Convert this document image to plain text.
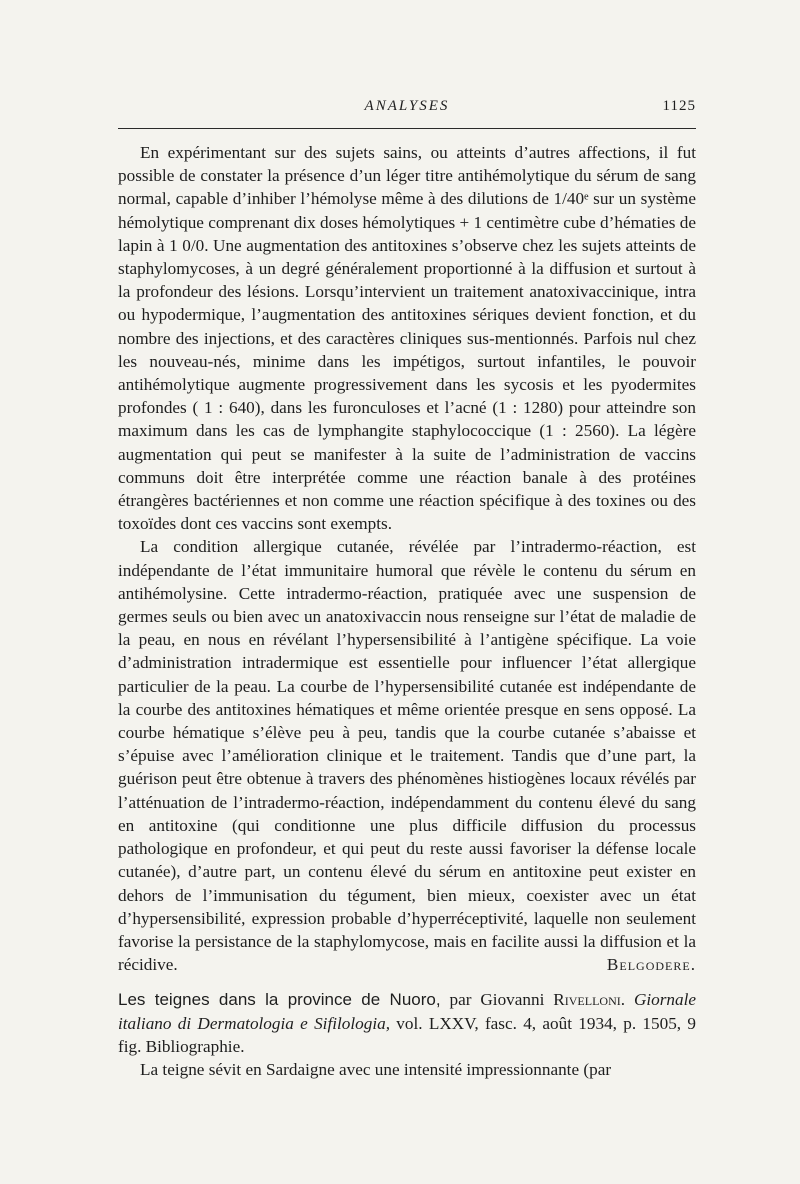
ANALYSES	1125

En expérimentant sur des sujets sains, ou atteints d’autres affections, il fut possible de constater la présence d’un léger titre antihémolytique du sérum de sang normal, capable d’inhiber l’hémolyse même à des dilutions de 1/40ᵉ sur un système hémolytique comprenant dix doses hémolytiques + 1 centimètre cube d’hématies de lapin à 1 0/0. Une augmentation des antitoxines s’observe chez les sujets atteints de staphylomycoses, à un degré généralement proportionné à la diffusion et surtout à la profondeur des lésions. Lorsqu’intervient un traitement anatoxivaccinique, intra ou hypodermique, l’augmentation des antitoxines sériques devient fonction, et du nombre des injections, et des caractères cliniques sus-mentionnés. Parfois nul chez les nouveau-nés, minime dans les impétigos, surtout infantiles, le pouvoir antihémolytique augmente progressivement dans les sycosis et les pyodermites profondes ( 1 : 640), dans les furonculoses et l’acné (1 : 1280) pour atteindre son maximum dans les cas de lymphangite staphylococcique (1 : 2560). La légère augmentation qui peut se manifester à la suite de l’administration de vaccins communs doit être interprétée comme une réaction banale à des protéines étrangères bactériennes et non comme une réaction spécifique à des toxines ou des toxoïdes dont ces vaccins sont exempts.

La condition allergique cutanée, révélée par l’intradermo-réaction, est indépendante de l’état immunitaire humoral que révèle le contenu du sérum en antihémolysine. Cette intradermo-réaction, pratiquée avec une suspension de germes seuls ou bien avec un anatoxivaccin nous renseigne sur l’état de maladie de la peau, en nous en révélant l’hypersensibilité à l’antigène spécifique. La voie d’administration intradermique est essentielle pour influencer l’état allergique particulier de la peau. La courbe de l’hypersensibilité cutanée est indépendante de la courbe des antitoxines hématiques et même orientée presque en sens opposé. La courbe hématique s’élève peu à peu, tandis que la courbe cutanée s’abaisse et s’épuise avec l’amélioration clinique et le traitement. Tandis que d’une part, la guérison peut être obtenue à travers des phénomènes histiogènes locaux révélés par l’atténuation de l’intradermo-réaction, indépendamment du contenu élevé du sang en antitoxine (qui conditionne une plus difficile diffusion du processus pathologique en profondeur, et qui peut du reste aussi favoriser la défense locale cutanée), d’autre part, un contenu élevé du sérum en antitoxine peut exister en dehors de l’immunisation du tégument, bien mieux, coexister avec un état d’hypersensibilité, expression probable d’hyperréceptivité, laquelle non seulement favorise la persistance de la staphylomycose, mais en facilite aussi la diffusion et la récidive.	Belgodere.

Les teignes dans la province de Nuoro, par Giovanni Rivelloni. Giornale italiano di Dermatologia e Sifilologia, vol. LXXV, fasc. 4, août 1934, p. 1505, 9 fig. Bibliographie.

La teigne sévit en Sardaigne avec une intensité impressionnante (par
